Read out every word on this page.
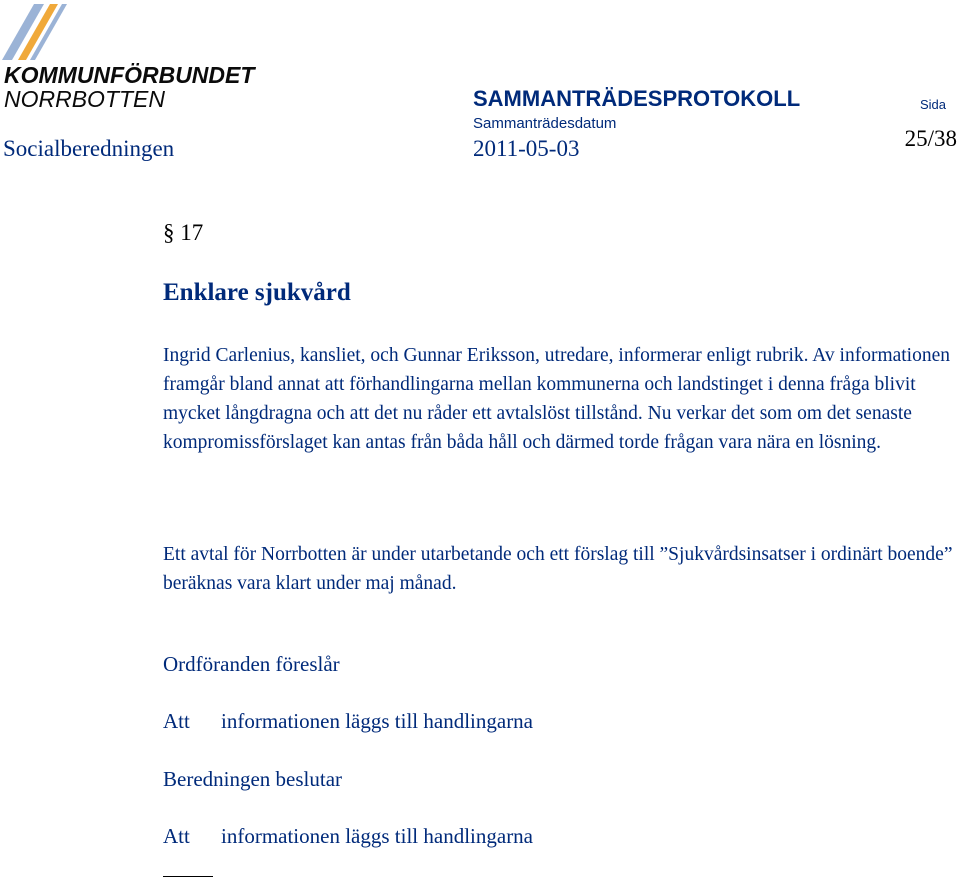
KOMMUNFÖRBUNDET
NORRBOTTEN	SAMMANTRÄDESPROTOKOLL	Sida
Sammanträdesdatum
Socialberedningen	2011-05-03	25/38
§ 17
Enklare sjukvård
Ingrid Carlenius, kansliet, och Gunnar Eriksson, utredare, informerar enligt rubrik. Av informationen framgår bland annat att förhandlingarna mellan kommunerna och landstinget i denna fråga blivit mycket långdragna och att det nu råder ett avtalslöst tillstånd. Nu verkar det som om det senaste kompromissförslaget kan antas från båda håll och därmed torde frågan vara nära en lösning.
Ett avtal för Norrbotten är under utarbetande och ett förslag till ”Sjukvårdsinsatser i ordinärt boende” beräknas vara klart under maj månad.
Ordföranden föreslår
Att informationen läggs till handlingarna
Beredningen beslutar
Att informationen läggs till handlingarna
